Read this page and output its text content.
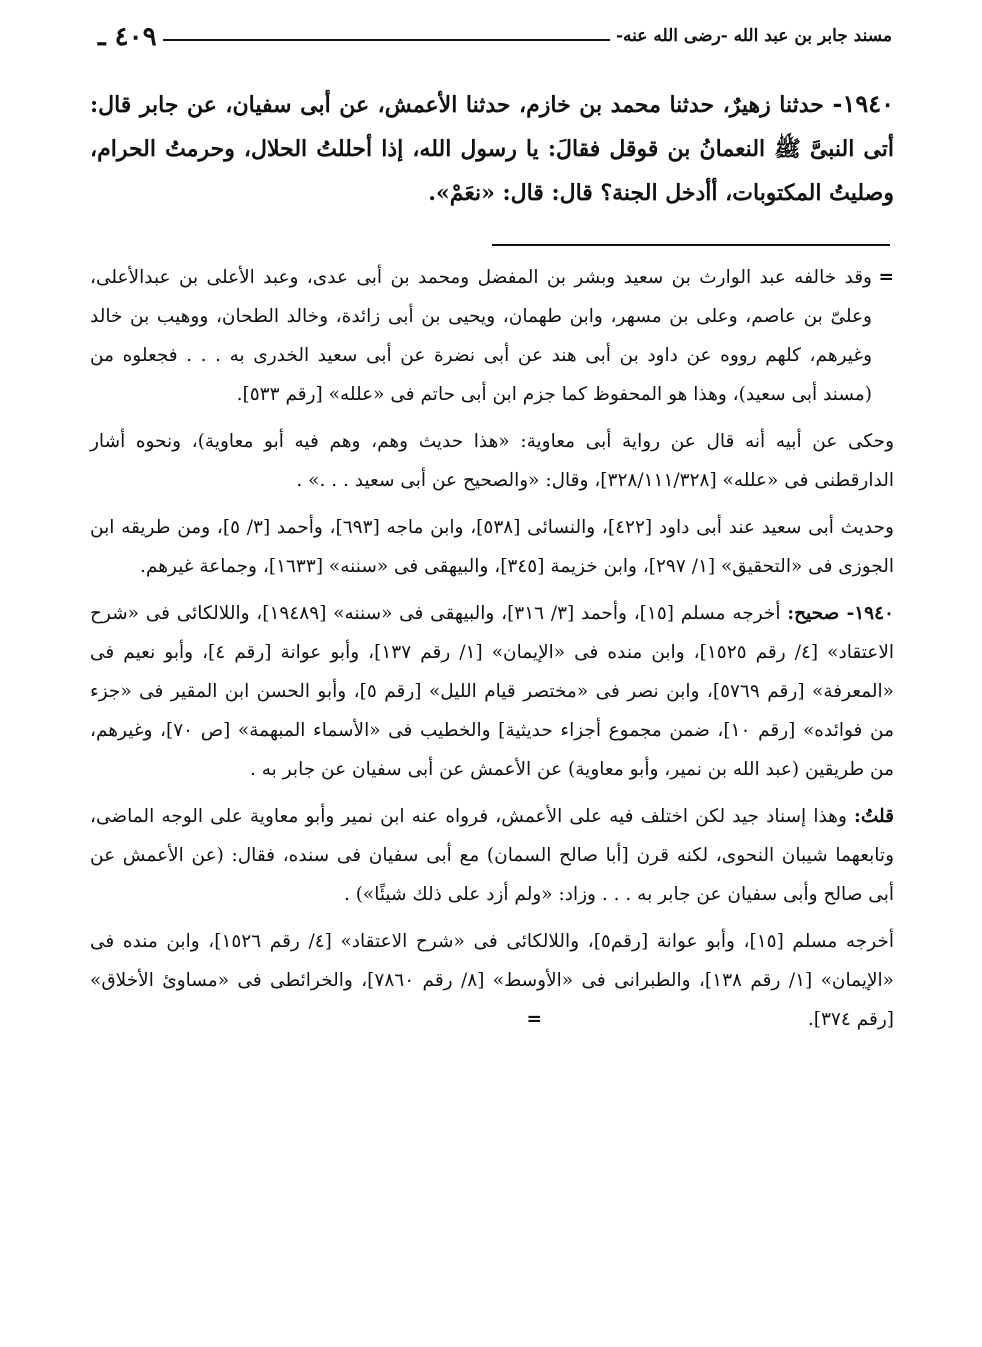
مسند جابر بن عبد الله -رضى الله عنه-
٤٠٩ ـ
١٩٤٠- حدثنا زهيرٌ، حدثنا محمد بن خازم، حدثنا الأعمش، عن أبى سفيان، عن جابر قال: أتى النبىَّ ﷺ النعمانُ بن قوقل فقالَ: يا رسول الله، إذا أحللتُ الحلال، وحرمتُ الحرام، وصليتُ المكتوبات، أأدخل الجنة؟ قال: قال: «نعَمْ».

=
وقد خالفه عبد الوارث بن سعيد وبشر بن المفضل ومحمد بن أبى عدى، وعبد الأعلى بن عبدالأعلى، وعلىّ بن عاصم، وعلى بن مسهر، وابن طهمان، ويحيى بن أبى زائدة، وخالد الطحان، ووهيب بن خالد وغيرهم، كلهم رووه عن داود بن أبى هند عن أبى نضرة عن أبى سعيد الخدرى به . . . فجعلوه من (مسند أبى سعيد)، وهذا هو المحفوظ كما جزم ابن أبى حاتم فى «علله» [رقم ٥٣٣].

وحكى عن أبيه أنه قال عن رواية أبى معاوية: «هذا حديث وهم، وهم فيه أبو معاوية)، ونحوه أشار الدارقطنى فى «علله» [٣٢٨/١١١/٣٢٨]، وقال: «والصحيح عن أبى سعيد . . .» .

وحديث أبى سعيد عند أبى داود [٤٢٢]، والنسائى [٥٣٨]، وابن ماجه [٦٩٣]، وأحمد [٣/ ٥]، ومن طريقه ابن الجوزى فى «التحقيق» [١/ ٢٩٧]، وابن خزيمة [٣٤٥]، والبيهقى فى «سننه» [١٦٣٣]، وجماعة غيرهم.

١٩٤٠- صحيح: أخرجه مسلم [١٥]، وأحمد [٣/ ٣١٦]، والبيهقى فى «سننه» [١٩٤٨٩]، واللالكائى فى «شرح الاعتقاد» [٤/ رقم ١٥٢٥]، وابن منده فى «الإيمان» [١/ رقم ١٣٧]، وأبو عوانة [رقم ٤]، وأبو نعيم فى «المعرفة» [رقم ٥٧٦٩]، وابن نصر فى «مختصر قيام الليل» [رقم ٥]، وأبو الحسن ابن المقير فى «جزء من فوائده» [رقم ١٠]، ضمن مجموع أجزاء حديثية] والخطيب فى «الأسماء المبهمة» [ص ٧٠]، وغيرهم، من طريقين (عبد الله بن نمير، وأبو معاوية) عن الأعمش عن أبى سفيان عن جابر به .

قلتُ: وهذا إسناد جيد لكن اختلف فيه على الأعمش، فرواه عنه ابن نمير وأبو معاوية على الوجه الماضى، وتابعهما شيبان النحوى، لكنه قرن [أبا صالح السمان) مع أبى سفيان فى سنده، فقال: (عن الأعمش عن أبى صالح وأبى سفيان عن جابر به . . . وزاد: «ولم أزد على ذلك شيئًا») .

أخرجه مسلم [١٥]، وأبو عوانة [رقم٥]، واللالكائى فى «شرح الاعتقاد» [٤/ رقم ١٥٢٦]، وابن منده فى «الإيمان» [١/ رقم ١٣٨]، والطبرانى فى «الأوسط» [٨/ رقم ٧٨٦٠]، والخرائطى فى «مساوئ الأخلاق» [رقم ٣٧٤]. =
